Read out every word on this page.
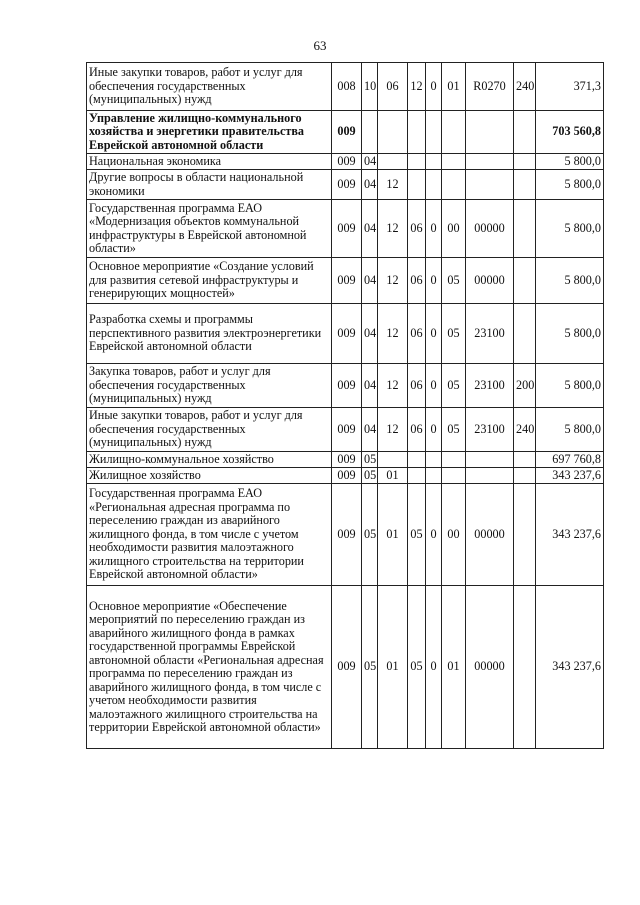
63
Иные закупки товаров, работ и услуг для обеспечения государственных (муниципальных) нужд	008	10	06	12	0	01	R0270	240	371,3
Управление жилищно-коммунального хозяйства и энергетики правительства Еврейской автономной области	009								703 560,8
Национальная экономика	009	04							5 800,0
Другие вопросы в области национальной экономики	009	04	12						5 800,0
Государственная программа ЕАО «Модернизация объектов коммунальной инфраструктуры в Еврейской автономной области»	009	04	12	06	0	00	00000		5 800,0
Основное мероприятие «Создание условий для развития сетевой инфраструктуры и генерирующих мощностей»	009	04	12	06	0	05	00000		5 800,0
Разработка схемы и программы перспективного развития электроэнергетики Еврейской автономной области	009	04	12	06	0	05	23100		5 800,0
Закупка товаров, работ и услуг для обеспечения государственных (муниципальных) нужд	009	04	12	06	0	05	23100	200	5 800,0
Иные закупки товаров, работ и услуг для обеспечения государственных (муниципальных) нужд	009	04	12	06	0	05	23100	240	5 800,0
Жилищно-коммунальное хозяйство	009	05							697 760,8
Жилищное хозяйство	009	05	01						343 237,6
Государственная программа ЕАО «Региональная адресная программа по переселению граждан из аварийного жилищного фонда, в том числе с учетом необходимости развития малоэтажного жилищного строительства на территории Еврейской автономной области»	009	05	01	05	0	00	00000		343 237,6
Основное мероприятие «Обеспечение мероприятий по переселению граждан из аварийного жилищного фонда в рамках государственной программы Еврейской автономной области «Региональная адресная программа по переселению граждан из аварийного жилищного фонда, в том числе с учетом необходимости развития малоэтажного жилищного строительства на территории Еврейской автономной области»	009	05	01	05	0	01	00000		343 237,6
